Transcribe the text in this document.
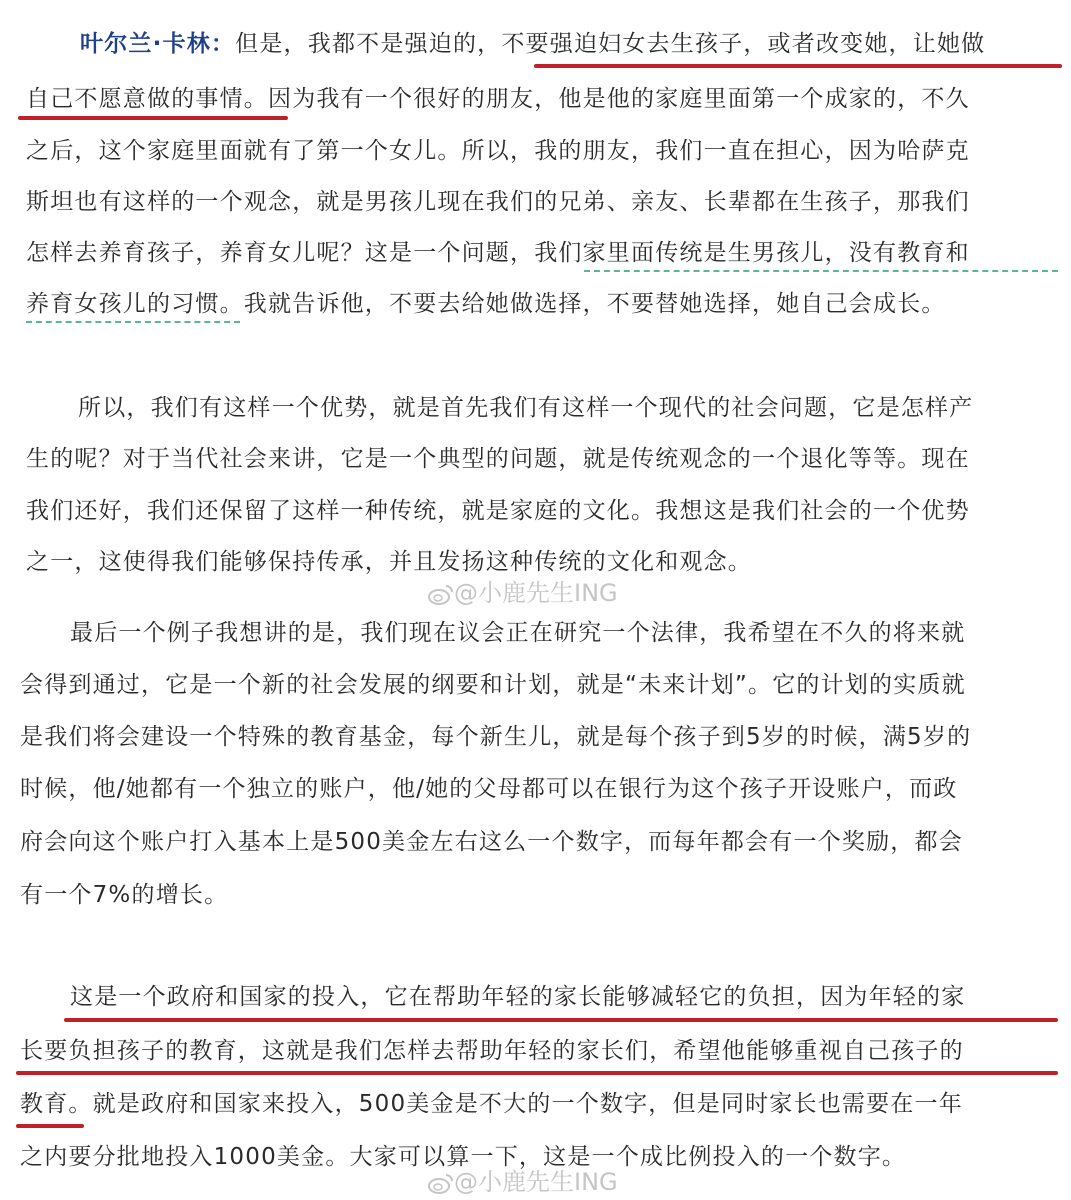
叶尔兰·卡林：但是，我都不是强迫的，不要强迫妇女去生孩子，或者改变她，让她做
自己不愿意做的事情。因为我有一个很好的朋友，他是他的家庭里面第一个成家的，不久
之后，这个家庭里面就有了第一个女儿。所以，我的朋友，我们一直在担心，因为哈萨克
斯坦也有这样的一个观念，就是男孩儿现在我们的兄弟、亲友、长辈都在生孩子，那我们
怎样去养育孩子，养育女儿呢？这是一个问题，我们家里面传统是生男孩儿，没有教育和
养育女孩儿的习惯。我就告诉他，不要去给她做选择，不要替她选择，她自己会成长。
所以，我们有这样一个优势，就是首先我们有这样一个现代的社会问题，它是怎样产
生的呢？对于当代社会来讲，它是一个典型的问题，就是传统观念的一个退化等等。现在
我们还好，我们还保留了这样一种传统，就是家庭的文化。我想这是我们社会的一个优势
之一，这使得我们能够保持传承，并且发扬这种传统的文化和观念。
最后一个例子我想讲的是，我们现在议会正在研究一个法律，我希望在不久的将来就
会得到通过，它是一个新的社会发展的纲要和计划，就是“未来计划”。它的计划的实质就
是我们将会建设一个特殊的教育基金，每个新生儿，就是每个孩子到5岁的时候，满5岁的
时候，他/她都有一个独立的账户，他/她的父母都可以在银行为这个孩子开设账户，而政
府会向这个账户打入基本上是500美金左右这么一个数字，而每年都会有一个奖励，都会
有一个7%的增长。
这是一个政府和国家的投入，它在帮助年轻的家长能够减轻它的负担，因为年轻的家
长要负担孩子的教育，这就是我们怎样去帮助年轻的家长们，希望他能够重视自己孩子的
教育。就是政府和国家来投入，500美金是不大的一个数字，但是同时家长也需要在一年
之内要分批地投入1000美金。大家可以算一下，这是一个成比例投入的一个数字。
@小鹿先生ING
@小鹿先生ING
